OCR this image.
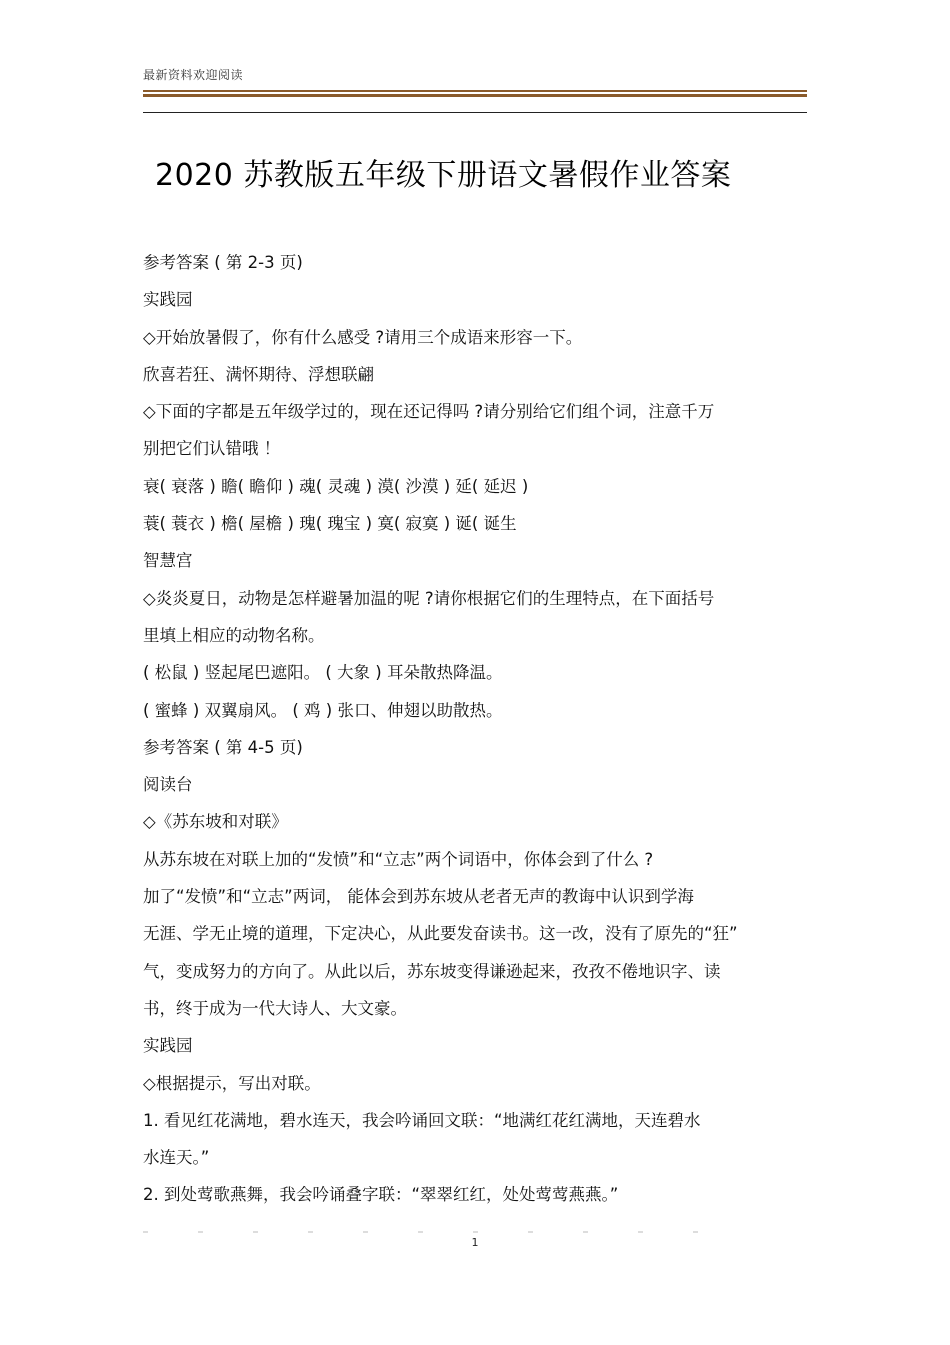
最新资料欢迎阅读
2020 苏教版五年级下册语文暑假作业答案
参考答案 ( 第 2-3 页)
实践园
◇开始放暑假了，你有什么感受 ?请用三个成语来形容一下。
欣喜若狂、满怀期待、浮想联翩
◇下面的字都是五年级学过的，现在还记得吗 ?请分别给它们组个词，注意千万
别把它们认错哦 ！
衰( 衰落 ) 瞻( 瞻仰 ) 魂( 灵魂 ) 漠( 沙漠 ) 延( 延迟 )
蓑( 蓑衣 ) 檐( 屋檐 ) 瑰( 瑰宝 ) 寞( 寂寞 ) 诞( 诞生
智慧宫
◇炎炎夏日，动物是怎样避暑加温的呢 ?请你根据它们的生理特点，在下面括号
里填上相应的动物名称。
( 松鼠 ) 竖起尾巴遮阳。 ( 大象 ) 耳朵散热降温。
( 蜜蜂 ) 双翼扇风。 ( 鸡 ) 张口、伸翅以助散热。
参考答案 ( 第 4-5 页)
阅读台
◇《苏东坡和对联》
从苏东坡在对联上加的“发愤”和“立志”两个词语中，你体会到了什么 ?
加了“发愤”和“立志”两词， 能体会到苏东坡从老者无声的教诲中认识到学海
无涯、学无止境的道理，下定决心，从此要发奋读书。这一改，没有了原先的“狂”
气，变成努力的方向了。从此以后，苏东坡变得谦逊起来，孜孜不倦地识字、读
书，终于成为一代大诗人、大文豪。
实践园
◇根据提示，写出对联。
1. 看见红花满地，碧水连天，我会吟诵回文联：“地满红花红满地，天连碧水
水连天。”
2. 到处莺歌燕舞，我会吟诵叠字联：“翠翠红红，处处莺莺燕燕。”
1
